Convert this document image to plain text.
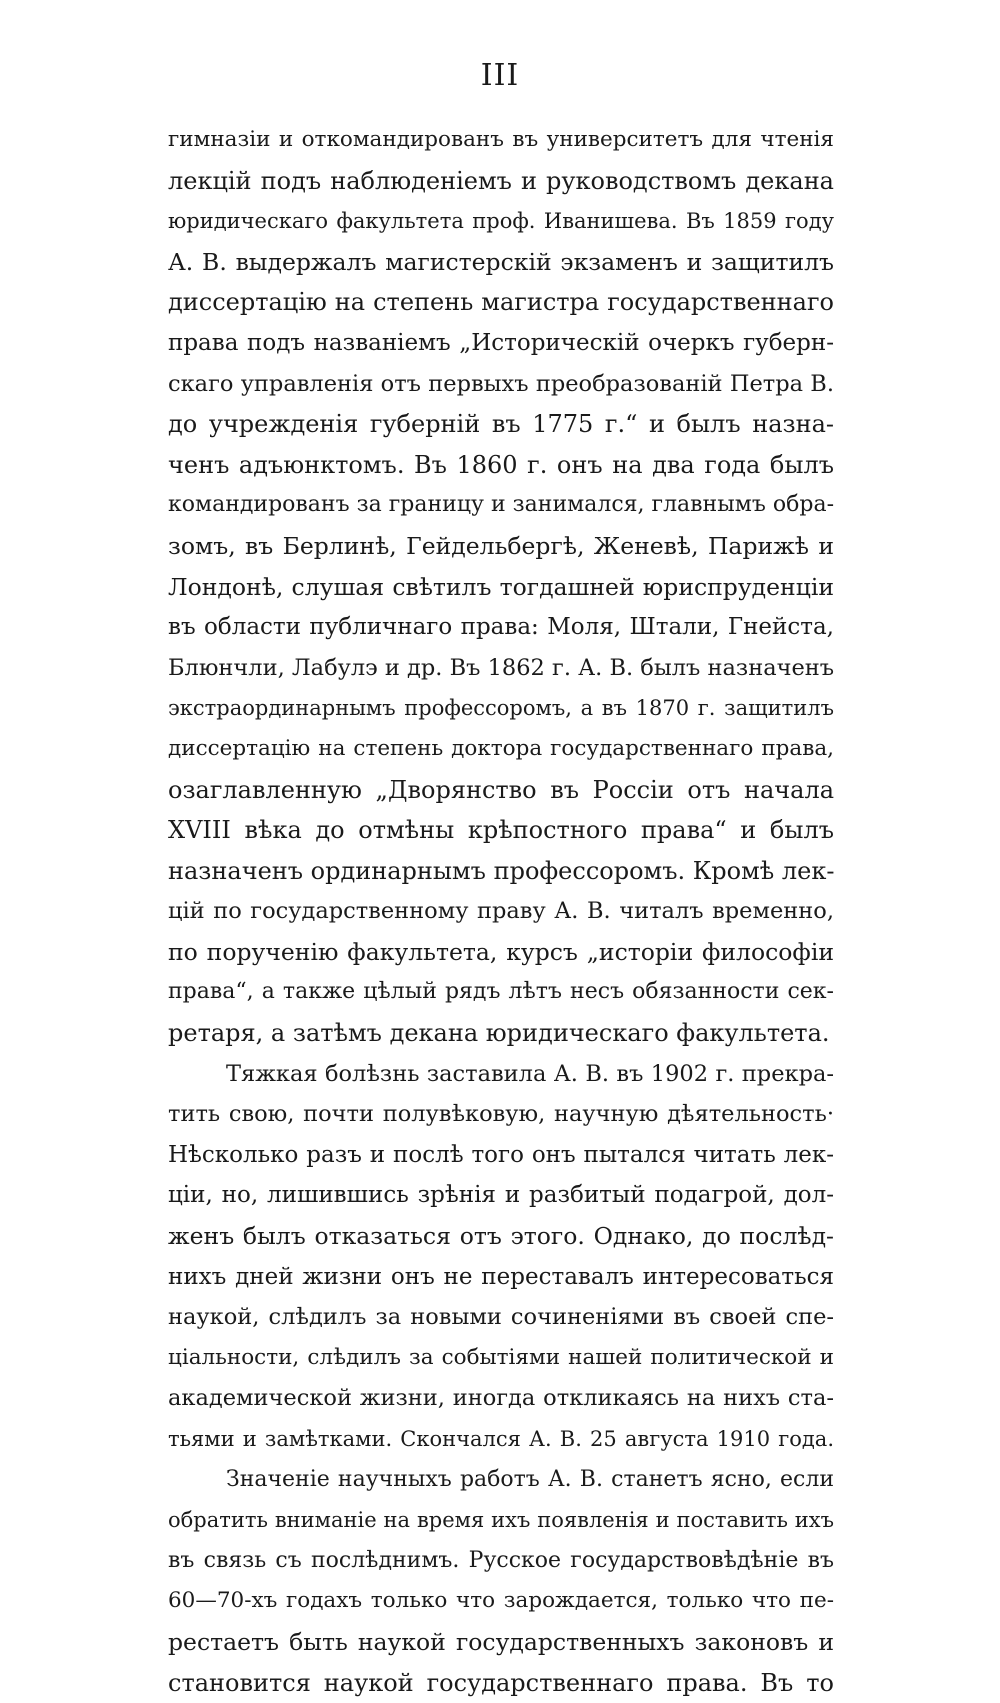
III
гимназіи и откомандированъ въ университетъ для чтенія
лекцій подъ наблюденіемъ и руководствомъ декана
юридическаго факультета проф. Иванишева. Въ 1859 году
А. В. выдержалъ магистерскій экзаменъ и защитилъ
диссертацію на степень магистра государственнаго
права подъ названіемъ „Историческій очеркъ губерн-
скаго управленія отъ первыхъ преобразованій Петра В.
до учрежденія губерній въ 1775 г.“ и былъ назна-
ченъ адъюнктомъ. Въ 1860 г. онъ на два года былъ
командированъ за границу и занимался, главнымъ обра-
зомъ, въ Берлинѣ, Гейдельбергѣ, Женевѣ, Парижѣ и
Лондонѣ, слушая свѣтилъ тогдашней юриспруденціи
въ области публичнаго права: Моля, Штали, Гнейста,
Блюнчли, Лабулэ и др. Въ 1862 г. А. В. былъ назначенъ
экстраординарнымъ профессоромъ, а въ 1870 г. защитилъ
диссертацію на степень доктора государственнаго права,
озаглавленную „Дворянство въ Россіи отъ начала
XVIII вѣка до отмѣны крѣпостного права“ и былъ
назначенъ ординарнымъ профессоромъ. Кромѣ лек-
цій по государственному праву А. В. читалъ временно,
по порученію факультета, курсъ „исторіи философіи
права“, а также цѣлый рядъ лѣтъ несъ обязанности сек-
ретаря, а затѣмъ декана юридическаго факультета.
Тяжкая болѣзнь заставила А. В. въ 1902 г. прекра-
тить свою, почти полувѣковую, научную дѣятельность·
Нѣсколько разъ и послѣ того онъ пытался читать лек-
ціи, но, лишившись зрѣнія и разбитый подагрой, дол-
женъ былъ отказаться отъ этого. Однако, до послѣд-
нихъ дней жизни онъ не переставалъ интересоваться
наукой, слѣдилъ за новыми сочиненіями въ своей спе-
ціальности, слѣдилъ за событіями нашей политической и
академической жизни, иногда откликаясь на нихъ ста-
тьями и замѣтками. Скончался А. В. 25 августа 1910 года.
Значеніе научныхъ работъ А. В. станетъ ясно, если
обратить вниманіе на время ихъ появленія и поставить ихъ
въ связь съ послѣднимъ. Русское государствовѣдѣніе въ
60—70-хъ годахъ только что зарождается, только что пе-
рестаетъ быть наукой государственныхъ законовъ и
становится наукой государственнаго права. Въ то
